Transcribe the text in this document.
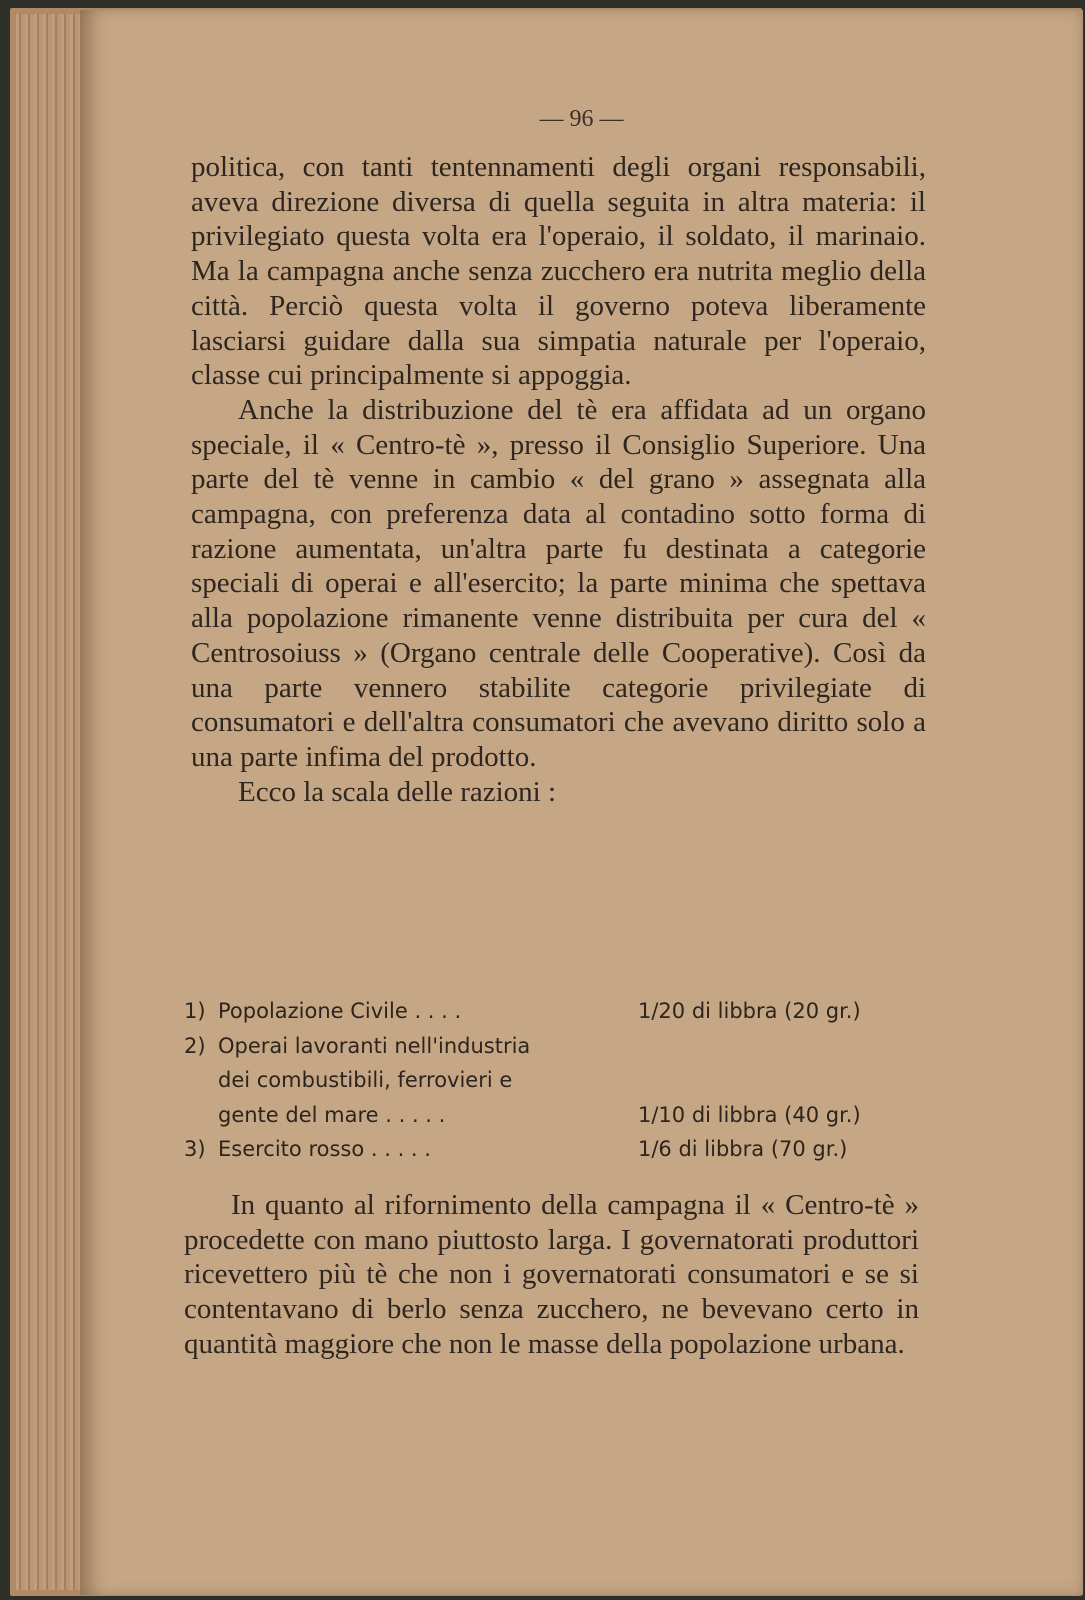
— 96 —

politica, con tanti tentennamenti degli organi responsabili, aveva direzione diversa di quella seguita in altra materia: il privilegiato questa volta era l'operaio, il soldato, il marinaio. Ma la campagna anche senza zucchero era nutrita meglio della città. Perciò questa volta il governo poteva liberamente lasciarsi guidare dalla sua simpatia naturale per l'operaio, classe cui principalmente si appoggia.

Anche la distribuzione del tè era affidata ad un organo speciale, il « Centro-tè », presso il Consiglio Superiore. Una parte del tè venne in cambio « del grano » assegnata alla campagna, con preferenza data al contadino sotto forma di razione aumentata, un'altra parte fu destinata a categorie speciali di operai e all'esercito; la parte minima che spettava alla popolazione rimanente venne distribuita per cura del « Centrosoiuss » (Organo centrale delle Cooperative). Così da una parte vennero stabilite categorie privilegiate di consumatori e dell'altra consumatori che avevano diritto solo a una parte infima del prodotto.

Ecco la scala delle razioni :

1) Popolazione Civile . . . .	1/20 di libbra (20 gr.)
2) Operai lavoranti nell'industria
dei combustibili, ferrovieri e
gente del mare . . . . .	1/10 di libbra (40 gr.)
3) Esercito rosso . . . . .	1/6 di libbra (70 gr.)

In quanto al rifornimento della campagna il « Centro-tè » procedette con mano piuttosto larga. I governatorati produttori ricevettero più tè che non i governatorati consumatori e se si contentavano di berlo senza zucchero, ne bevevano certo in quantità maggiore che non le masse della popolazione urbana.
